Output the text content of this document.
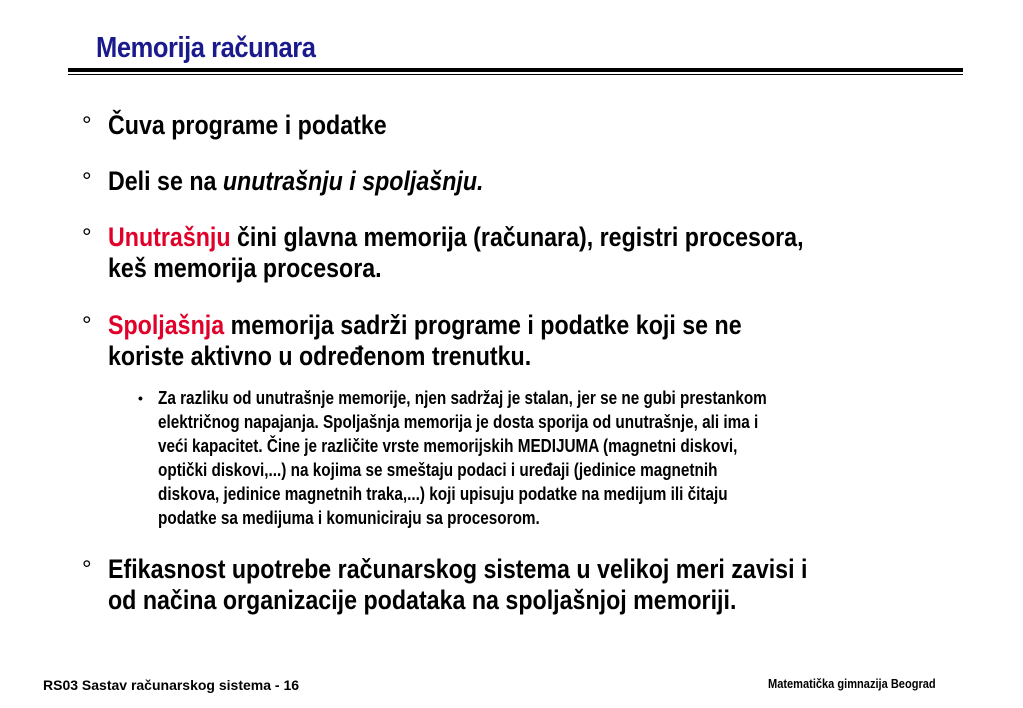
Memorija računara
° Čuva programe i podatke
° Deli se na unutrašnju i spoljašnju.
° Unutrašnju čini glavna memorija (računara), registri procesora,
keš memorija procesora.
° Spoljašnja memorija sadrži programe i podatke koji se ne
koriste aktivno u određenom trenutku.
• Za razliku od unutrašnje memorije, njen sadržaj je stalan, jer se ne gubi prestankom
električnog napajanja. Spoljašnja memorija je dosta sporija od unutrašnje, ali ima i
veći kapacitet. Čine je različite vrste memorijskih MEDIJUMA (magnetni diskovi,
optički diskovi,...) na kojima se smeštaju podaci i uređaji (jedinice magnetnih
diskova, jedinice magnetnih traka,...) koji upisuju podatke na medijum ili čitaju
podatke sa medijuma i komuniciraju sa procesorom.
° Efikasnost upotrebe računarskog sistema u velikoj meri zavisi i
od načina organizacije podataka na spoljašnjoj memoriji.
RS03 Sastav računarskog sistema - 16	Matematička gimnazija Beograd
